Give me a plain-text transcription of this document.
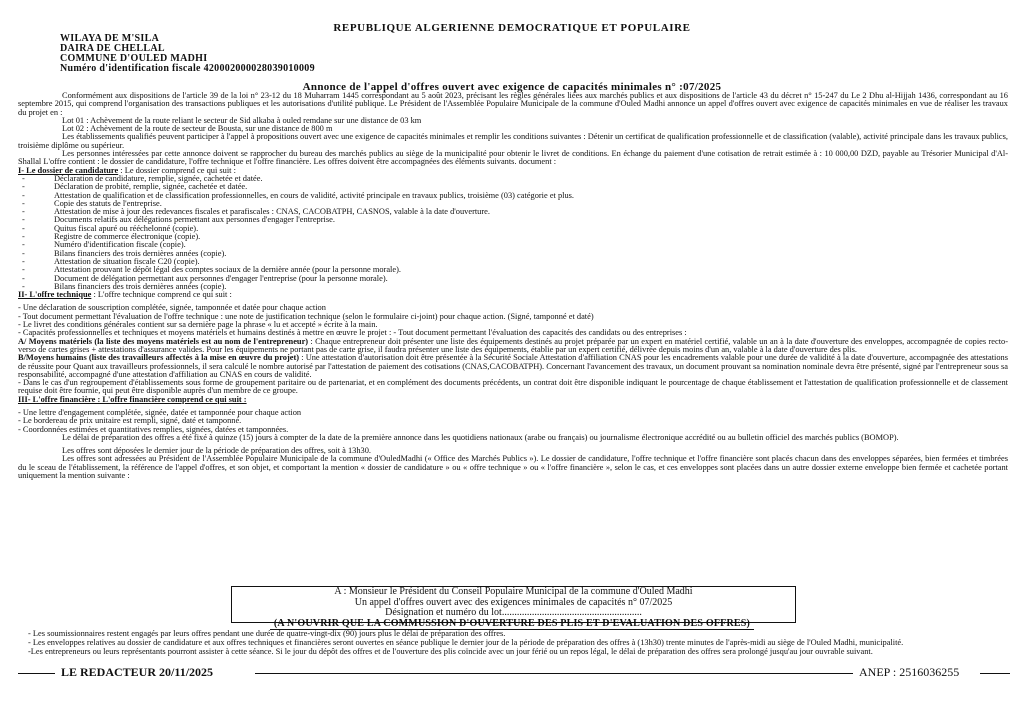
REPUBLIQUE ALGERIENNE DEMOCRATIQUE ET POPULAIRE
WILAYA DE M'SILA
DAIRA DE CHELLAL
COMMUNE D'OULED MADHI
Numéro d'identification fiscale 420002000028039010009
Annonce de l'appel d'offres ouvert avec exigence de capacités minimales n° :07/2025

Conformément aux dispositions de l'article 39 de la loi n° 23-12 du 18 Muharram 1445 correspondant au 5 août 2023, précisant les règles générales liées aux marchés publics et aux dispositions de l'article 43 du décret n° 15-247 du Le 2 Dhu al-Hijjah 1436, correspondant au 16 septembre 2015, qui comprend l'organisation des transactions publiques et les autorisations d'utilité publique. Le Président de l'Assemblée Populaire Municipale de la commune d'Ouled Madhi annonce un appel d'offres ouvert avec exigence de capacités minimales en vue de réaliser les travaux du projet en :

Lot 01 : Achèvement de la route reliant le secteur de Sid alkaba à ouled remdane sur une distance de 03 km

Lot 02 : Achèvement de la route de secteur de Bousta, sur une distance de 800 m

Les établissements qualifiés peuvent participer à l'appel à propositions ouvert avec une exigence de capacités minimales et remplir les conditions suivantes : Détenir un certificat de qualification professionnelle et de classification (valable), activité principale dans les travaux publics, troisième diplôme ou supérieur.

Les personnes intéressées par cette annonce doivent se rapprocher du bureau des marchés publics au siège de la municipalité pour obtenir le livret de conditions. En échange du paiement d'une cotisation de retrait estimée à : 10 000,00 DZD, payable au Trésorier Municipal d'Al-Shallal L'offre contient : le dossier de candidature, l'offre technique et l'offre financière. Les offres doivent être accompagnées des éléments suivants. document :

I- Le dossier de candidature : Le dossier comprend ce qui suit :

- Déclaration de candidature, remplie, signée, cachetée et datée.

- Déclaration de probité, remplie, signée, cachetée et datée.

- Attestation de qualification et de classification professionnelles, en cours de validité, activité principale en travaux publics, troisième (03) catégorie et plus.

- Copie des statuts de l'entreprise.

- Attestation de mise à jour des redevances fiscales et parafiscales : CNAS, CACOBATPH, CASNOS, valable à la date d'ouverture.

- Documents relatifs aux délégations permettant aux personnes d'engager l'entreprise.

- Quitus fiscal apuré ou rééchelonné (copie).

- Registre de commerce électronique (copie).

- Numéro d'identification fiscale (copie).

- Bilans financiers des trois dernières années (copie).

- Attestation de situation fiscale C20 (copie).

- Attestation prouvant le dépôt légal des comptes sociaux de la dernière année (pour la personne morale).

- Document de délégation permettant aux personnes d'engager l'entreprise (pour la personne morale).

- Bilans financiers des trois dernières années (copie).

II- L'offre technique : L'offre technique comprend ce qui suit :

- Une déclaration de souscription complétée, signée, tamponnée et datée pour chaque action

- Tout document permettant l'évaluation de l'offre technique : une note de justification technique (selon le formulaire ci-joint) pour chaque action. (Signé, tamponné et daté)

- Le livret des conditions générales contient sur sa dernière page la phrase « lu et accepté » écrite à la main.

- Capacités professionnelles et techniques et moyens matériels et humains destinés à mettre en œuvre le projet : - Tout document permettant l'évaluation des capacités des candidats ou des entreprises :

A/ Moyens matériels (la liste des moyens matériels est au nom de l'entrepreneur) : Chaque entrepreneur doit présenter une liste des équipements destinés au projet préparée par un expert en matériel certifié, valable un an à la date d'ouverture des enveloppes, accompagnée de copies recto-verso de cartes grises + attestations d'assurance valides. Pour les équipements ne portant pas de carte grise, il faudra présenter une liste des équipements, établie par un expert certifié, délivrée depuis moins d'un an, valable à la date d'ouverture des plis.

B/Moyens humains (liste des travailleurs affectés à la mise en œuvre du projet) : Une attestation d'autorisation doit être présentée à la Sécurité Sociale Attestation d'affiliation CNAS pour les encadrements valable pour une durée de validité à la date d'ouverture, accompagnée des attestations de réussite pour Quant aux travailleurs professionnels, il sera calculé le nombre autorisé par l'attestation de paiement des cotisations (CNAS,CACOBATPH). Concernant l'avancement des travaux, un document prouvant sa nomination nominale devra être présenté, signé par l'entrepreneur sous sa responsabilité, accompagné d'une attestation d'affiliation au CNAS en cours de validité.

- Dans le cas d'un regroupement d'établissements sous forme de groupement paritaire ou de partenariat, et en complément des documents précédents, un contrat doit être disponible indiquant le pourcentage de chaque établissement et l'attestation de qualification professionnelle et de classement requise doit être fournie, qui peut être disponible auprès d'un membre de ce groupe.

III- L'offre financière : L'offre financière comprend ce qui suit :

- Une lettre d'engagement complétée, signée, datée et tamponnée pour chaque action

- Le bordereau de prix unitaire est rempli, signé, daté et tamponné.

- Coordonnées estimées et quantitatives remplies, signées, datées et tamponnées.

Le délai de préparation des offres a été fixé à quinze (15) jours à compter de la date de la première annonce dans les quotidiens nationaux (arabe ou français) ou journalisme électronique accrédité ou au bulletin officiel des marchés publics (BOMOP).

Les offres sont déposées le dernier jour de la période de préparation des offres, soit à 13h30.

Les offres sont adressées au Président de l'Assemblée Populaire Municipale de la commune d'OuledMadhi (« Office des Marchés Publics »). Le dossier de candidature, l'offre technique et l'offre financière sont placés chacun dans des enveloppes séparées, bien fermées et timbrées du le sceau de l'établissement, la référence de l'appel d'offres, et son objet, et comportant la mention « dossier de candidature » ou « offre technique » ou « l'offre financière », selon le cas, et ces enveloppes sont placées dans un autre dossier externe enveloppe bien fermée et cachetée portant uniquement la mention suivante :

A : Monsieur le Président du Conseil Populaire Municipal de la commune d'Ouled Madhi
Un appel d'offres ouvert avec des exigences minimales de capacités n° 07/2025
Désignation et numéro du lot........................................................
(A N'OUVRIR QUE LA COMMUSSION D'OUVERTURE DES PLIS ET D'EVALUATION DES OFFRES)

- Les soumissionnaires restent engagés par leurs offres pendant une durée de quatre-vingt-dix (90) jours plus le délai de préparation des offres.

- Les enveloppes relatives au dossier de candidature et aux offres techniques et financières seront ouvertes en séance publique le dernier jour de la période de préparation des offres à (13h30) trente minutes de l'après-midi au siège de l'Ouled Madhi, municipalité.

-Les entrepreneurs ou leurs représentants pourront assister à cette séance. Si le jour du dépôt des offres et de l'ouverture des plis coïncide avec un jour férié ou un repos légal, le délai de préparation des offres sera prolongé jusqu'au jour ouvrable suivant.

LE REDACTEUR 20/11/2025	ANEP : 2516036255
